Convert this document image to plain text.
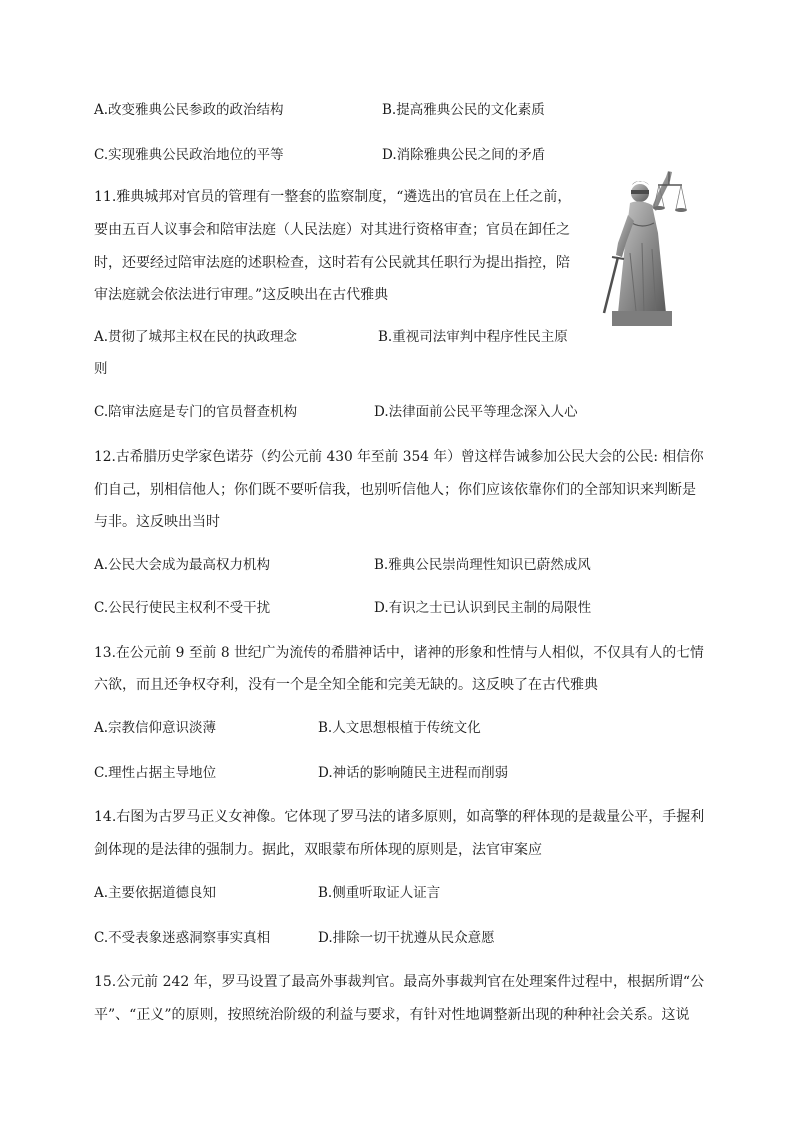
A.改变雅典公民参政的政治结构	B.提高雅典公民的文化素质
C.实现雅典公民政治地位的平等	D.消除雅典公民之间的矛盾
11.雅典城邦对官员的管理有一整套的监察制度，“遴选出的官员在上任之前，
要由五百人议事会和陪审法庭（人民法庭）对其进行资格审查；官员在卸任之
时，还要经过陪审法庭的述职检查，这时若有公民就其任职行为提出指控，陪
审法庭就会依法进行审理。”这反映出在古代雅典
A.贯彻了城邦主权在民的执政理念	B.重视司法审判中程序性民主原
则
C.陪审法庭是专门的官员督查机构	D.法律面前公民平等理念深入人心
12.古希腊历史学家色诺芬（约公元前 430 年至前 354 年）曾这样告诫参加公民大会的公民: 相信你
们自己，别相信他人；你们既不要听信我，也别听信他人；你们应该依靠你们的全部知识来判断是
与非。这反映出当时
A.公民大会成为最高权力机构	B.雅典公民崇尚理性知识已蔚然成风
C.公民行使民主权利不受干扰	D.有识之士已认识到民主制的局限性
13.在公元前 9 至前 8 世纪广为流传的希腊神话中，诸神的形象和性情与人相似，不仅具有人的七情
六欲，而且还争权夺利，没有一个是全知全能和完美无缺的。这反映了在古代雅典
A.宗教信仰意识淡薄	B.人文思想根植于传统文化
C.理性占据主导地位	D.神话的影响随民主进程而削弱
14.右图为古罗马正义女神像。它体现了罗马法的诸多原则，如高擎的秤体现的是裁量公平，手握利
剑体现的是法律的强制力。据此，双眼蒙布所体现的原则是，法官审案应
A.主要依据道德良知	B.侧重听取证人证言
C.不受表象迷惑洞察事实真相	D.排除一切干扰遵从民众意愿
15.公元前 242 年，罗马设置了最高外事裁判官。最高外事裁判官在处理案件过程中，根据所谓“公
平”、“正义”的原则，按照统治阶级的利益与要求，有针对性地调整新出现的种种社会关系。这说
